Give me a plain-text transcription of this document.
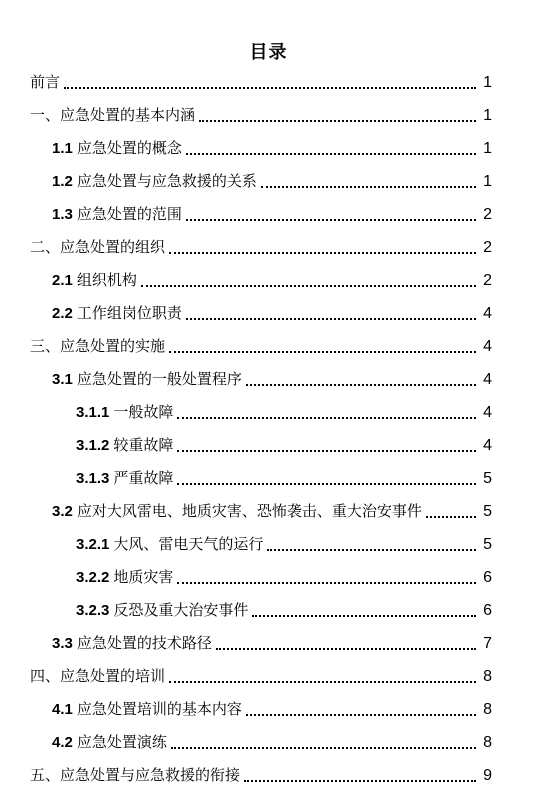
目录
前言	1
一、应急处置的基本内涵	1
1.1 应急处置的概念	1
1.2 应急处置与应急救援的关系	1
1.3 应急处置的范围	2
二、应急处置的组织	2
2.1 组织机构	2
2.2 工作组岗位职责	4
三、应急处置的实施	4
3.1 应急处置的一般处置程序	4
3.1.1 一般故障	4
3.1.2 较重故障	4
3.1.3 严重故障	5
3.2 应对大风雷电、地质灾害、恐怖袭击、重大治安事件	5
3.2.1 大风、雷电天气的运行	5
3.2.2 地质灾害	6
3.2.3 反恐及重大治安事件	6
3.3 应急处置的技术路径	7
四、应急处置的培训	8
4.1 应急处置培训的基本内容	8
4.2 应急处置演练	8
五、应急处置与应急救援的衔接	9
